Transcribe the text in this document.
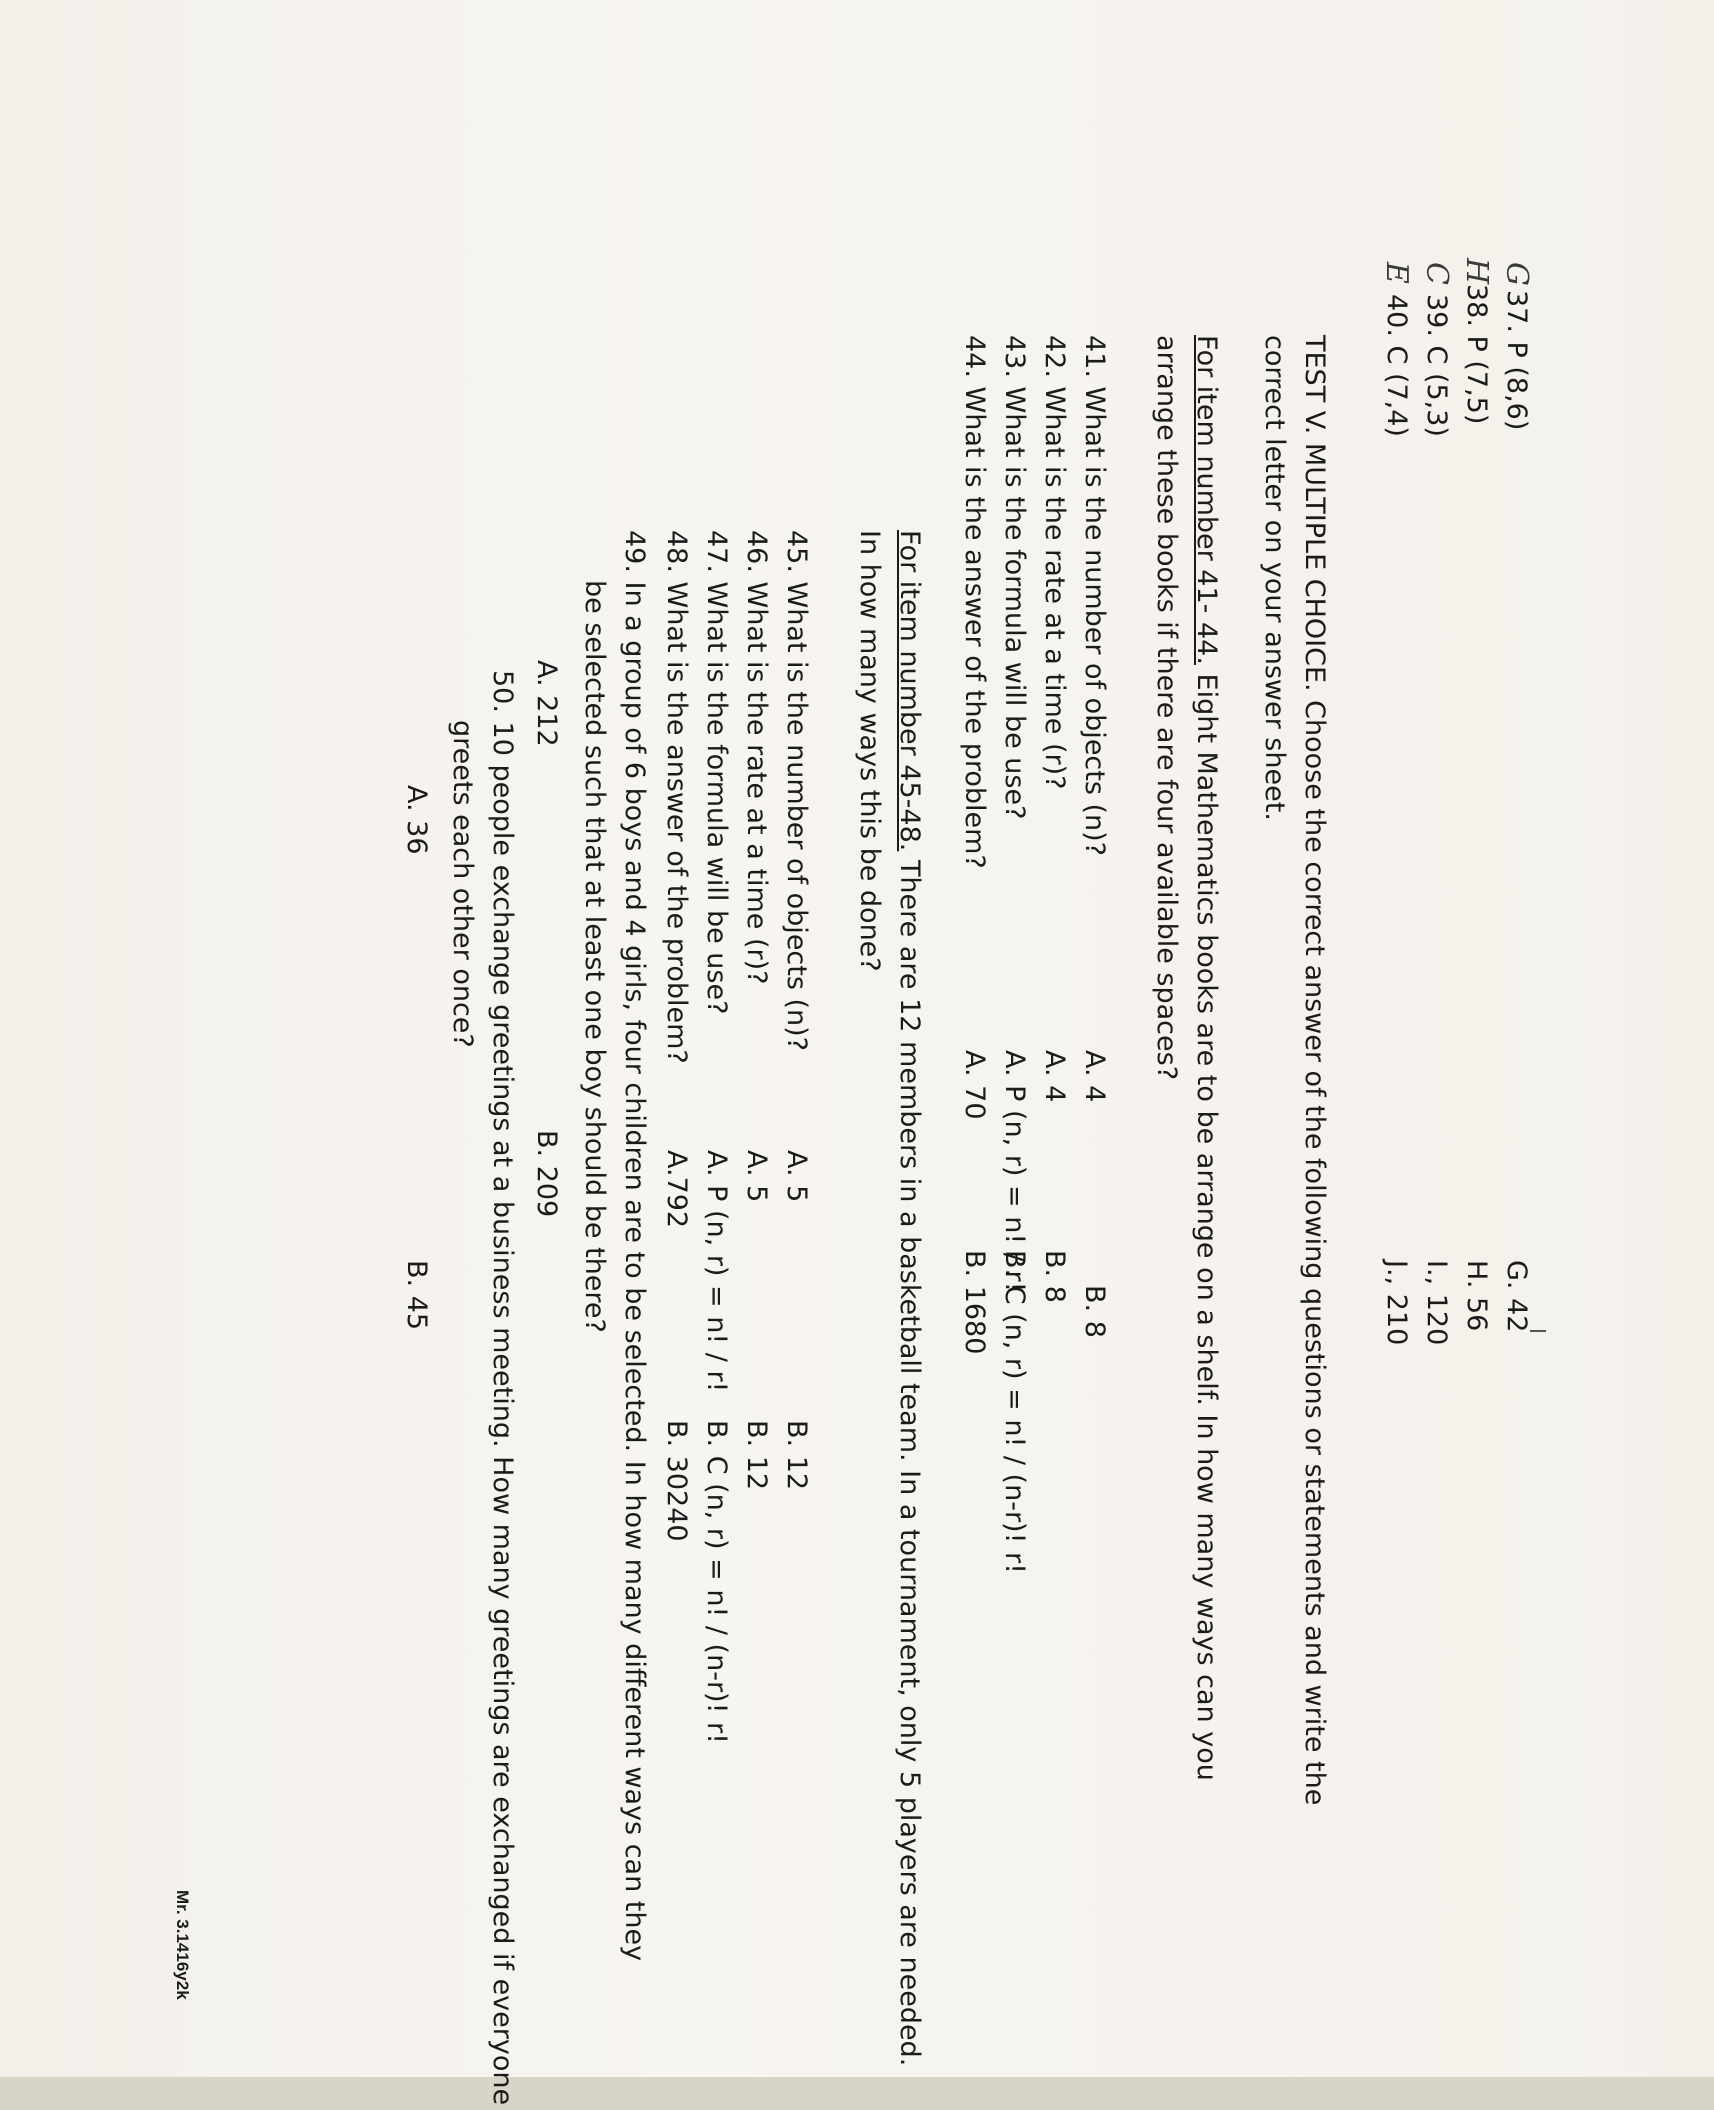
G
37. P (8,6)
G. 42
H
38. P (7,5)
H. 56
C
39. C (5,3)
I., 120
E
40. C (7,4)
J., 210
TEST V. MULTIPLE CHOICE. Choose the correct answer of the following questions or statements and write the
correct letter on your answer sheet.
For item number 41- 44. Eight Mathematics books are to be arrange on a shelf. In how many ways can you
arrange these books if there are four available spaces?
41. What is the number of objects (n)?
A. 4
B. 8
42. What is the rate at a time (r)?
A. 4
B. 8
43. What is the formula will be use?
A. P (n, r) = n! / r!
B. C (n, r) = n! / (n-r)! r!
44. What is the answer of the problem?
A. 70
B. 1680
For item number 45-48. There are 12 members in a basketball team. In a tournament, only 5 players are needed.
In how many ways this be done?
45. What is the number of objects (n)?
A. 5
B. 12
46. What is the rate at a time (r)?
A. 5
B. 12
47. What is the formula will be use?
A. P (n, r) = n! / r!
B. C (n, r) = n! / (n-r)! r!
48. What is the answer of the problem?
A.792
B. 30240
49. In a group of 6 boys and 4 girls, four children are to be selected. In how many different ways can they
be selected such that at least one boy should be there?
A. 212
B. 209
50. 10 people exchange greetings at a business meeting. How many greetings are exchanged if everyone
greets each other once?
A. 36
B. 45
Mr. 3.1416y2k
